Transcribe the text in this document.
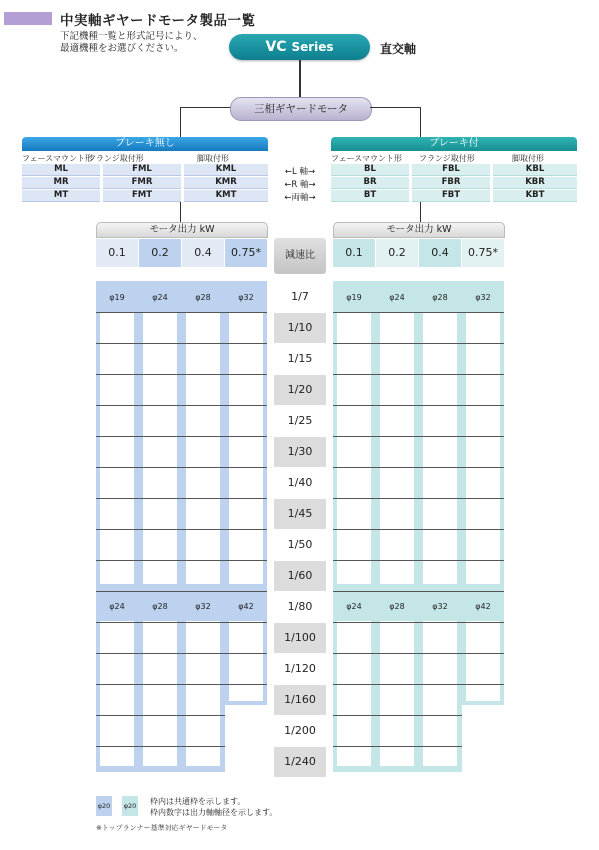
中実軸ギヤードモータ製品一覧
下記機種一覧と形式記号により、
最適機種をお選びください。	VC Series	直交軸
三相ギヤードモータ
ブレーキ無し
フェースマウント形
フランジ取付形	脚取付形
ML	FML	KML
MR	FMR	KMR
MT	FMT	KMT
←L 軸→
←R 軸→
←両軸→
ブレーキ付
フェースマウント形 フランジ取付形	脚取付形
BL	FBL	KBL
BR	FBR	KBR
BT	FBT	KBT
モータ出力 kW	モータ出力 kW
0.1	0.2	0.4	0.75*	0.1	0.2	0.4	0.75*
減速比
φ19	φ24	φ28	φ32	φ19	φ24	φ28	φ32
φ24	φ28	φ32	φ42	φ24	φ28	φ32	φ42
1/7
1/10
1/15
1/20
1/25
1/30
1/40
1/45
1/50
1/60
1/80
1/100
1/120
1/160
1/200
1/240
φ20 φ20 枠内は共通枠を示します。
枠内数字は出力軸軸径を示します。
※トップランナー基準対応ギヤードモータ
